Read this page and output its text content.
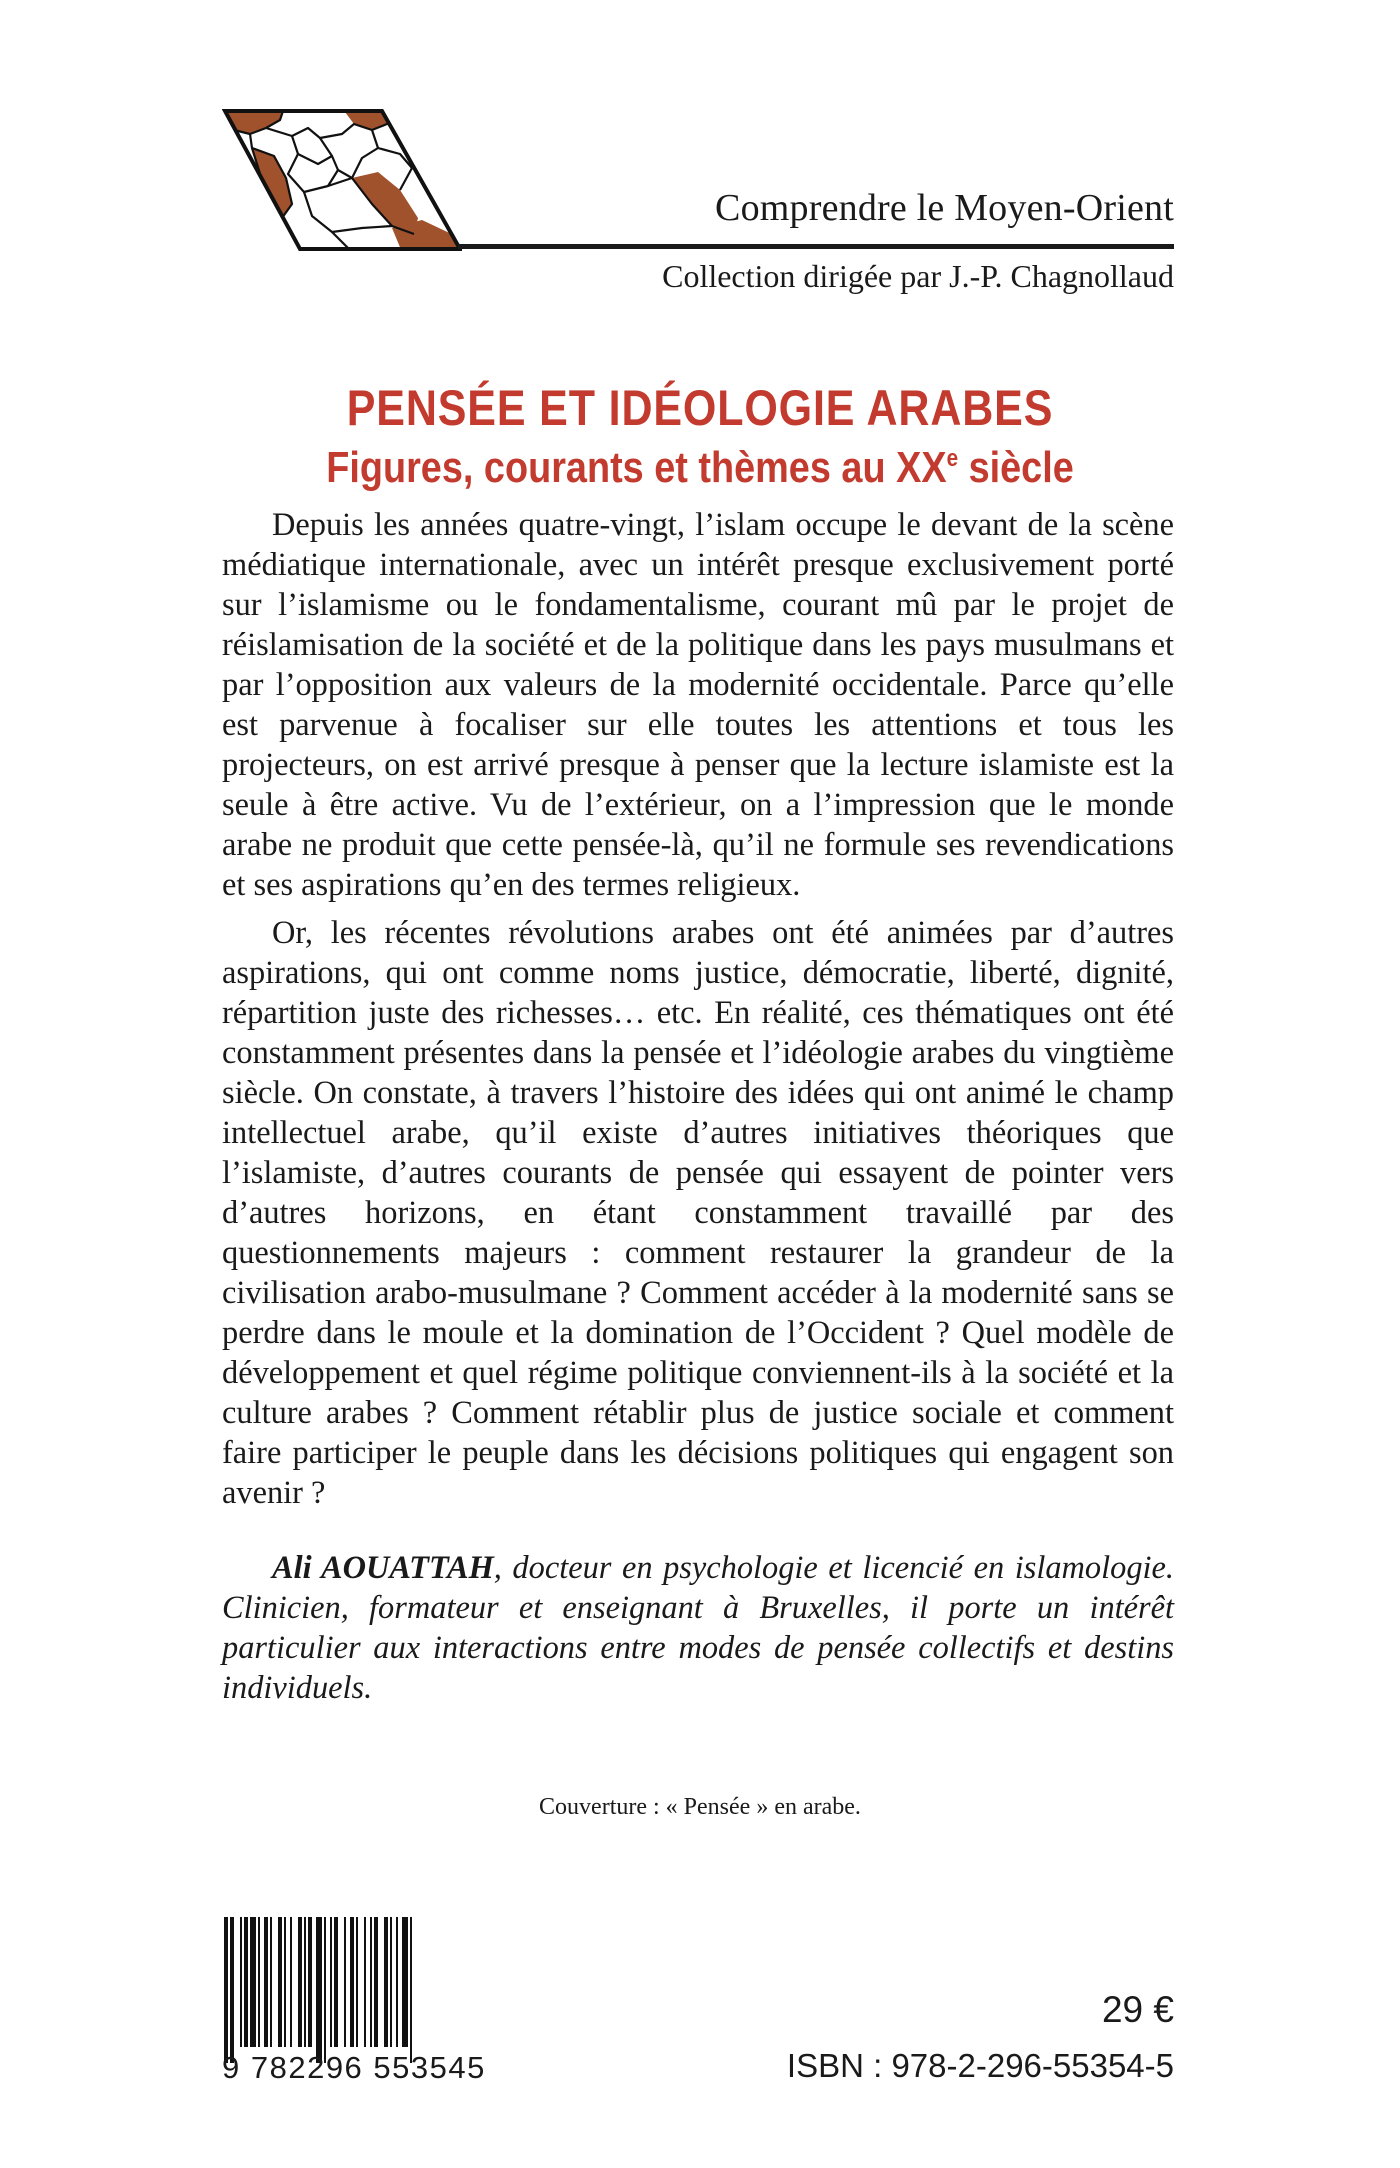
Comprendre le Moyen-Orient
Collection dirigée par J.-P. Chagnollaud
PENSÉE ET IDÉOLOGIE ARABES
Figures, courants et thèmes au XXe siècle

Depuis les années quatre-vingt, l’islam occupe le devant de la scène médiatique internationale, avec un intérêt presque exclusivement porté sur l’islamisme ou le fondamentalisme, courant mû par le projet de réislamisation de la société et de la politique dans les pays musulmans et par l’opposition aux valeurs de la modernité occidentale. Parce qu’elle est parvenue à focaliser sur elle toutes les attentions et tous les projecteurs, on est arrivé presque à penser que la lecture islamiste est la seule à être active. Vu de l’extérieur, on a l’impression que le monde arabe ne produit que cette pensée-là, qu’il ne formule ses revendications et ses aspirations qu’en des termes religieux.

Or, les récentes révolutions arabes ont été animées par d’autres aspirations, qui ont comme noms justice, démocratie, liberté, dignité, répartition juste des richesses… etc. En réalité, ces thématiques ont été constamment présentes dans la pensée et l’idéologie arabes du vingtième siècle. On constate, à travers l’histoire des idées qui ont animé le champ intellectuel arabe, qu’il existe d’autres initiatives théoriques que l’islamiste, d’autres courants de pensée qui essayent de pointer vers d’autres horizons, en étant constamment travaillé par des questionnements majeurs : comment restaurer la grandeur de la civilisation arabo-musulmane ? Comment accéder à la modernité sans se perdre dans le moule et la domination de l’Occident ? Quel modèle de développement et quel régime politique conviennent-ils à la société et la culture arabes ? Comment rétablir plus de justice sociale et comment faire participer le peuple dans les décisions politiques qui engagent son avenir ?

Ali AOUATTAH, docteur en psychologie et licencié en islamologie. Clinicien, formateur et enseignant à Bruxelles, il porte un intérêt particulier aux interactions entre modes de pensée collectifs et destins individuels.

Couverture : « Pensée » en arabe.
9 782296 553545
29 €
ISBN : 978-2-296-55354-5
